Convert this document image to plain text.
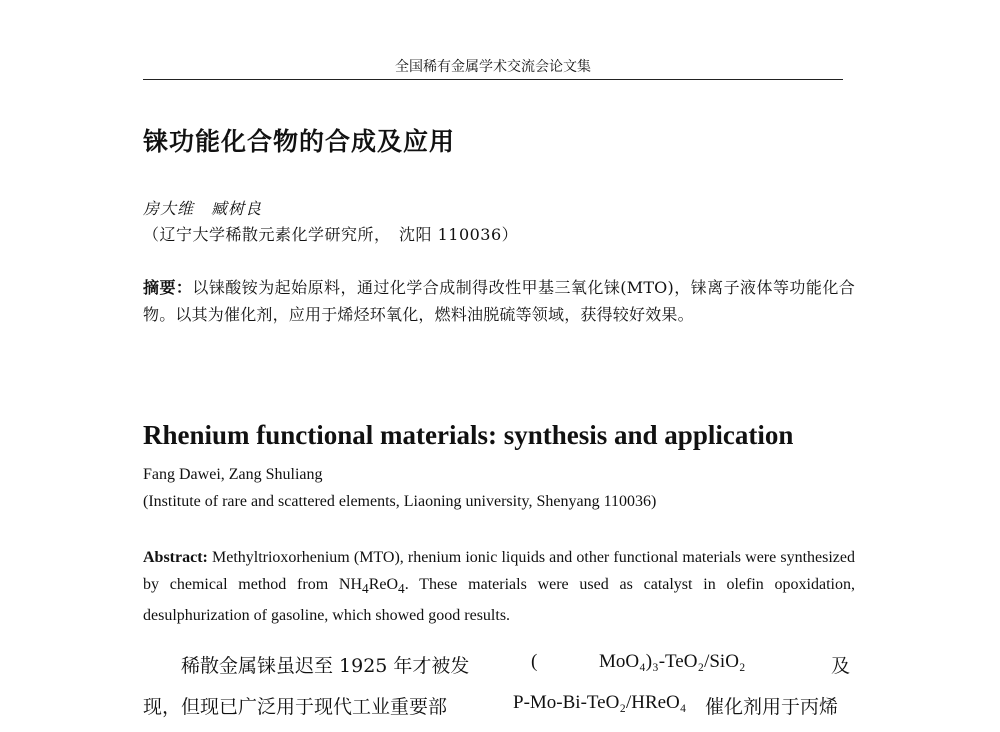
全国稀有金属学术交流会论文集
铼功能化合物的合成及应用
房大维　臧树良
（辽宁大学稀散元素化学研究所，　沈阳 110036）
摘要：以铼酸铵为起始原料，通过化学合成制得改性甲基三氧化铼(MTO)，铼离子液体等功能化合物。以其为催化剂，应用于烯烃环氧化，燃料油脱硫等领域，获得较好效果。
Rhenium functional materials: synthesis and application
Fang Dawei, Zang Shuliang
(Institute of rare and scattered elements, Liaoning university, Shenyang 110036)
Abstract: Methyltrioxorhenium (MTO), rhenium ionic liquids and other functional materials were synthesized by chemical method from $NH_4ReO_4$. These materials were used as catalyst in olefin opoxidation, desulphurization of gasoline, which showed good results.
稀散金属铼虽迟至 1925 年才被发	(	MoO₄)₃-TeO₂/SiO₂	及
现，但现已广泛用于现代工业重要部	P-Mo-Bi-TeO₂/HReO₄ 催化剂用于丙烯
